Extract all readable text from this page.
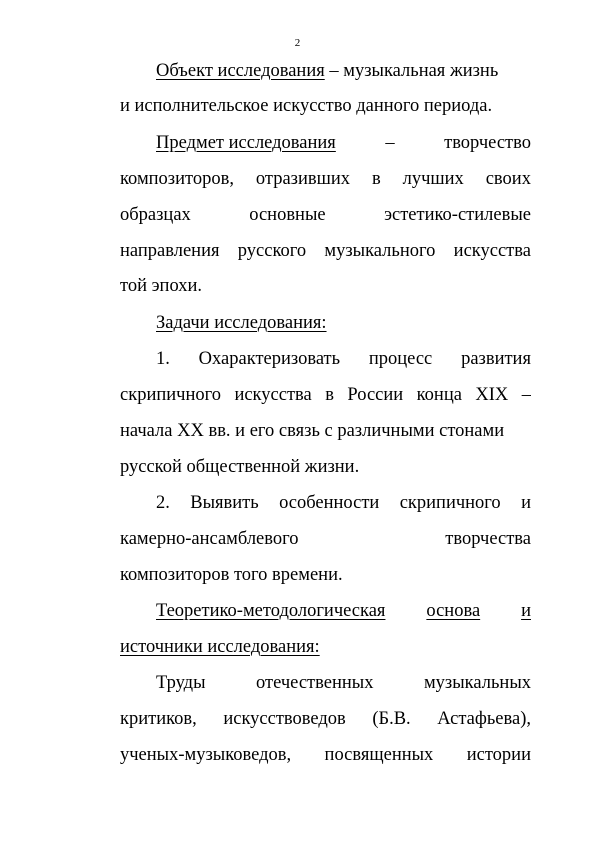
2
Объект исследования – музыкальная жизнь
и исполнительское искусство данного периода.
Предмет исследования	–	творчество
композиторов, отразивших в лучших своих
образцах	основные	эстетико-стилевые
направления русского музыкального искусства
той эпохи.
Задачи исследования:
1. Охарактеризовать процесс развития
скрипичного искусства в России конца XIX –
начала XX вв. и его связь с различными стонами
русской общественной жизни.
2. Выявить особенности скрипичного и
камерно-ансамблевого	творчества
композиторов того времени.
Теоретико-методологическая основа и
источники исследования:
Труды	отечественных	музыкальных
критиков, искусствоведов (Б.В. Астафьева),
ученых-музыковедов, посвященных истории
